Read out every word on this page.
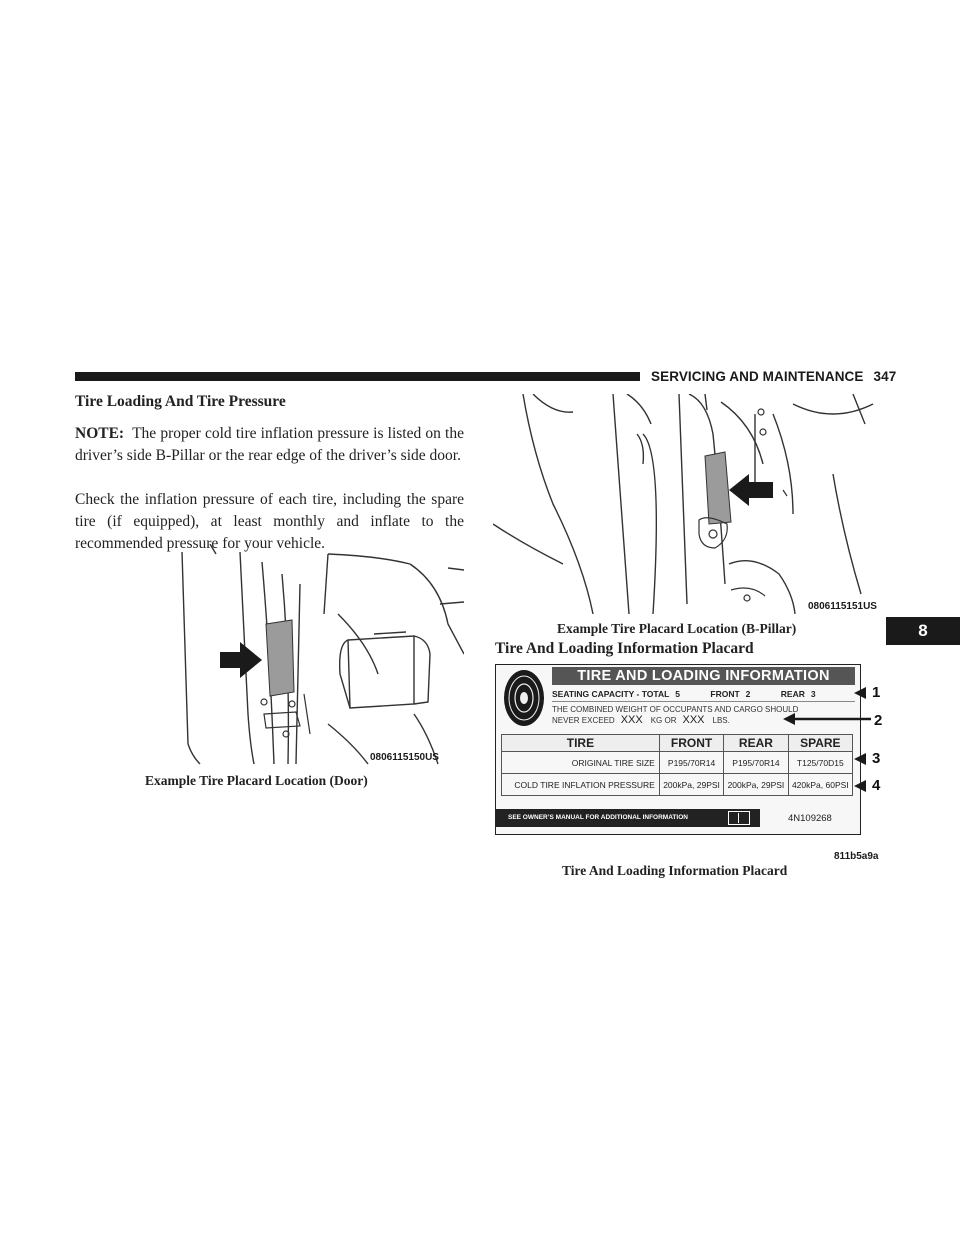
SERVICING AND MAINTENANCE 347
8
Tire Loading And Tire Pressure
NOTE: The proper cold tire inflation pressure is listed on the driver’s side B-Pillar or the rear edge of the driver’s side door.
Check the inflation pressure of each tire, including the spare tire (if equipped), at least monthly and inflate to the recommended pressure for your vehicle.
0806115150US
Example Tire Placard Location (Door)
0806115151US
Example Tire Placard Location (B-Pillar)
Tire And Loading Information Placard
TIRE AND LOADING INFORMATION
SEATING CAPACITY - TOTAL 5	FRONT 2	REAR 3
THE COMBINED WEIGHT OF OCCUPANTS AND CARGO SHOULD
NEVER EXCEED XXX KG OR XXX LBS.
TIRE	FRONT	REAR	SPARE
ORIGINAL TIRE SIZE	P195/70R14	P195/70R14	T125/70D15
COLD TIRE INFLATION PRESSURE	200kPa, 29PSI	200kPa, 29PSI	420kPa, 60PSI
SEE OWNER’S MANUAL FOR ADDITIONAL INFORMATION	4N109268
1
2
3
4
811b5a9a
Tire And Loading Information Placard
